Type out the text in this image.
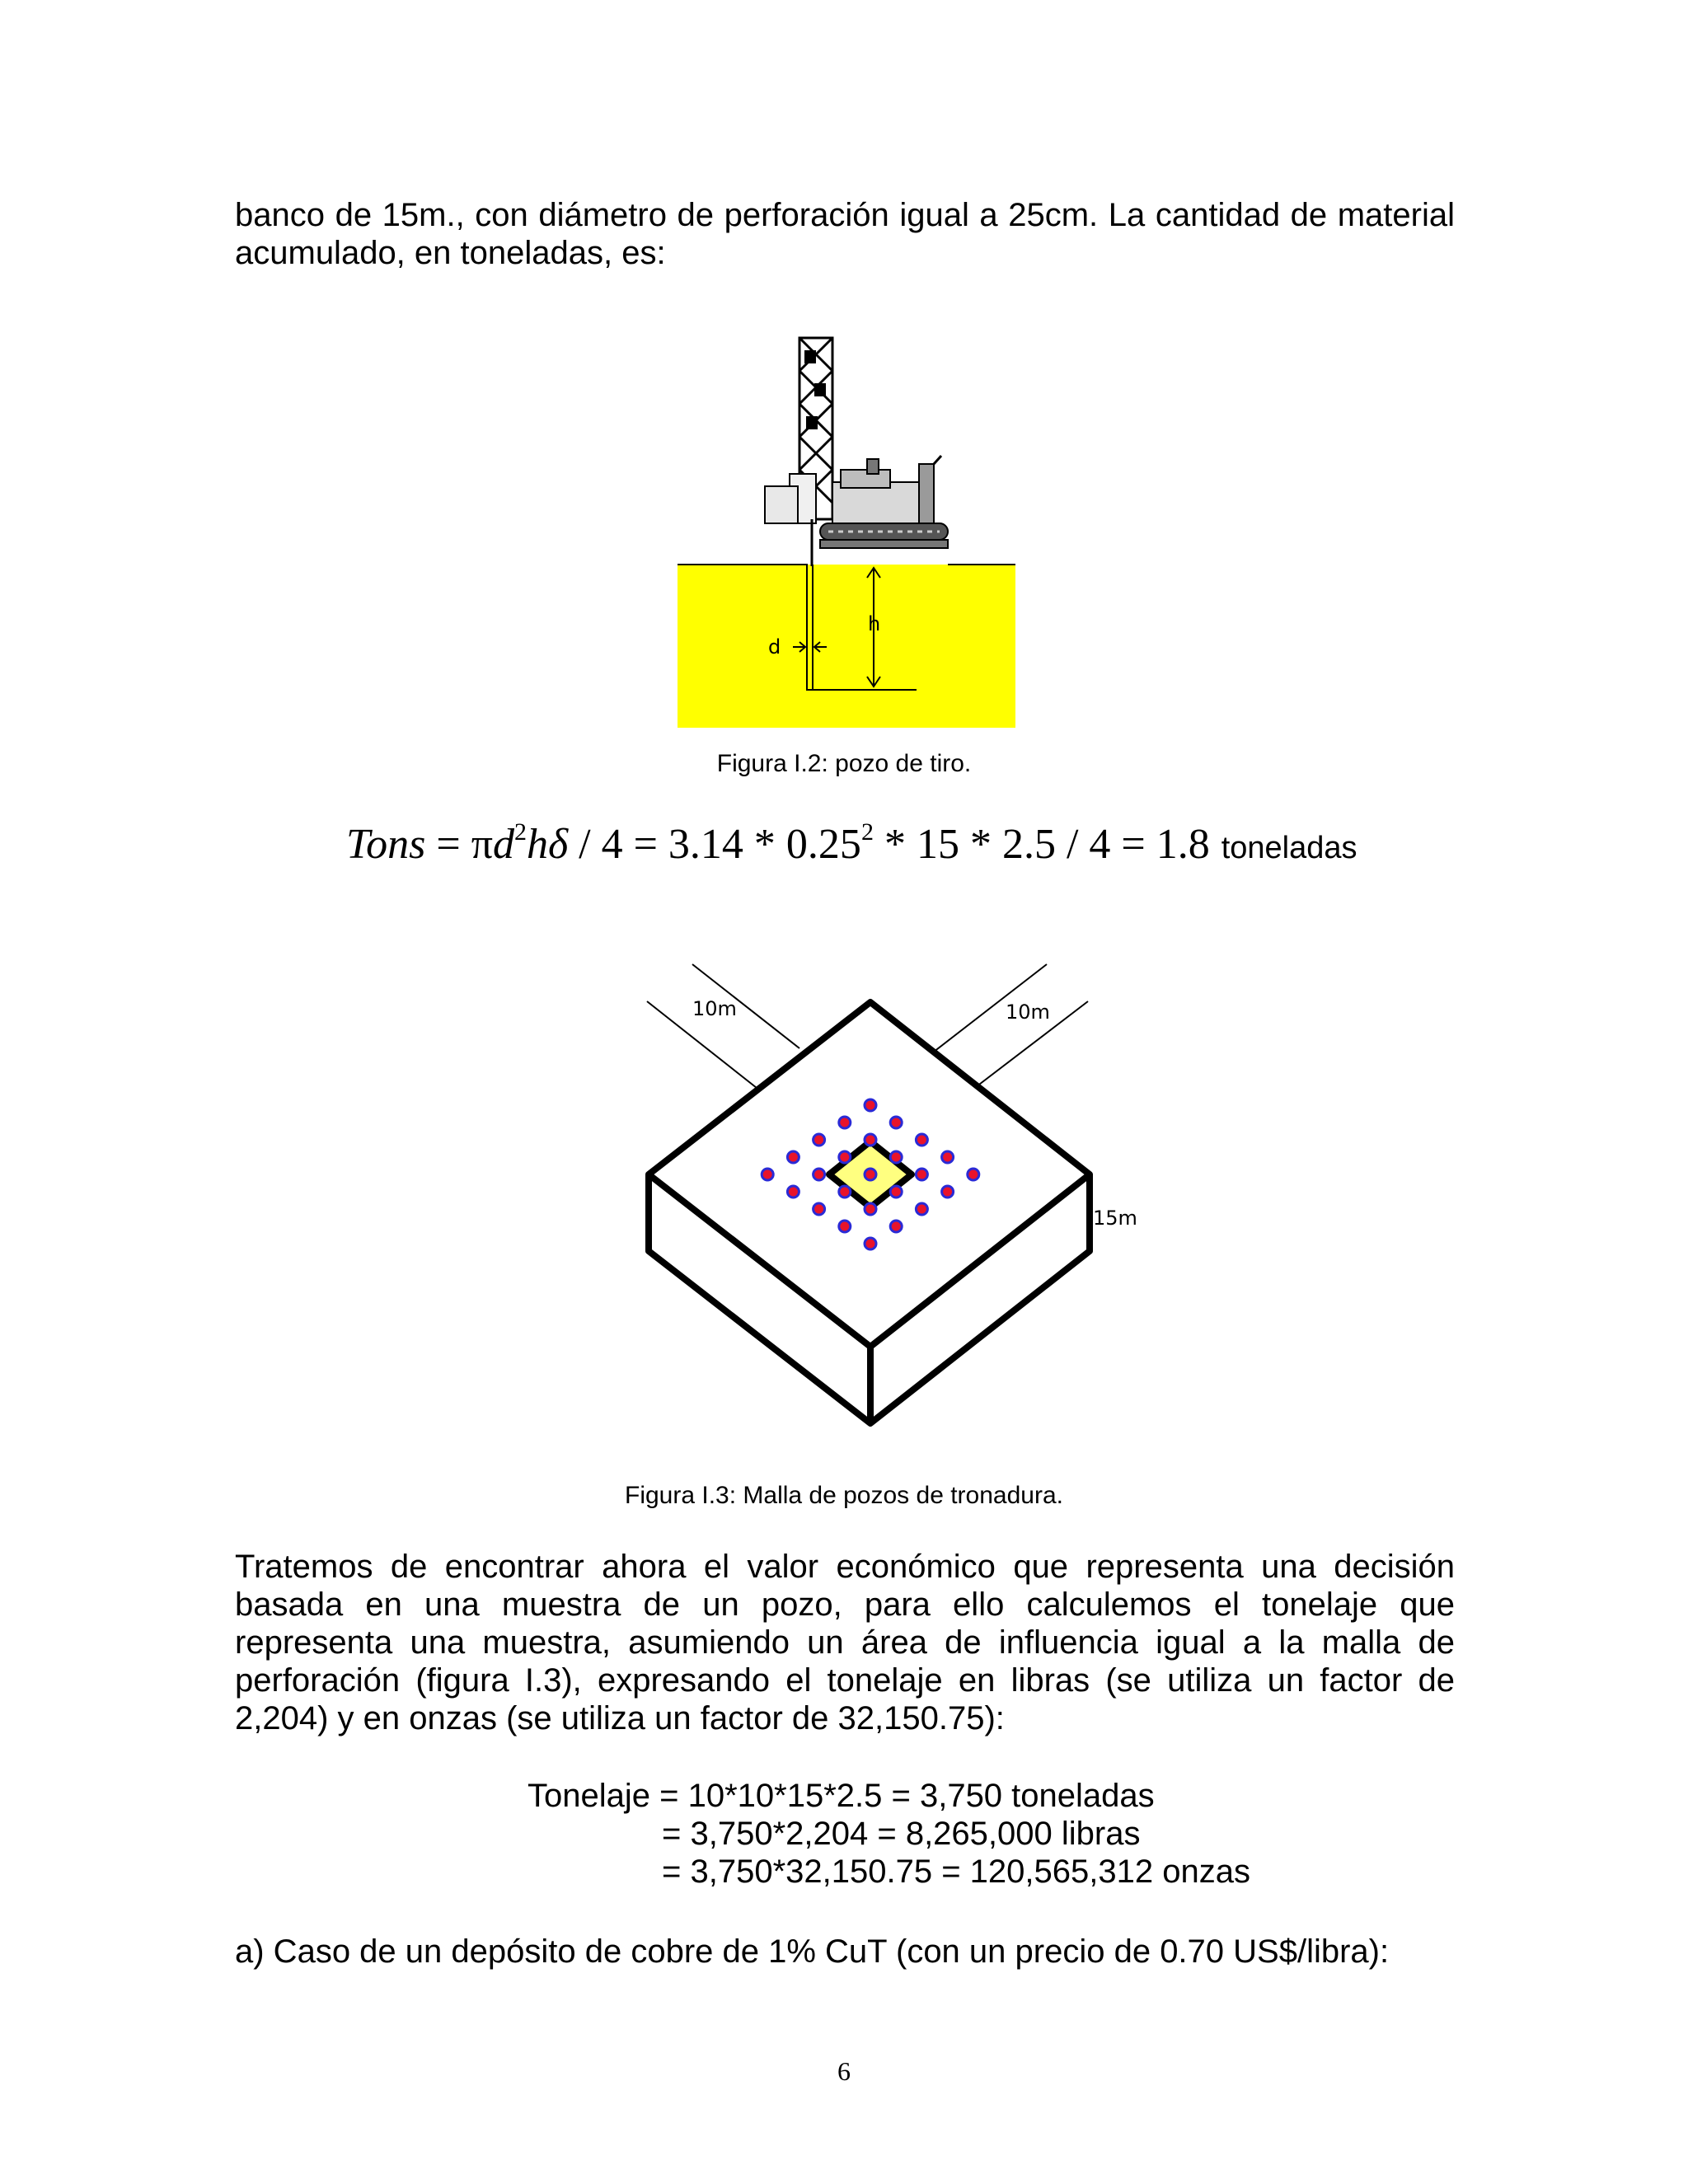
banco de 15m., con diámetro de perforación igual a 25cm. La cantidad de material
acumulado, en toneladas, es:
h
d
Figura I.2: pozo de tiro.
Tons = $\pi d^2h\delta / 4 = 3.14 * 0.25^2 * 15 * 2.5 / 4 = 1.8$ toneladas
10m	10m
15m
Figura I.3: Malla de pozos de tronadura.
Tratemos de encontrar ahora el valor económico que representa una decisión
basada en una muestra de un pozo, para ello calculemos el tonelaje que
representa una muestra, asumiendo un área de influencia igual a la malla de
perforación (figura I.3), expresando el tonelaje en libras (se utiliza un factor de
2,204) y en onzas (se utiliza un factor de 32,150.75):
Tonelaje = 10*10*15*2.5 = 3,750 toneladas
= 3,750*2,204 = 8,265,000 libras
= 3,750*32,150.75 = 120,565,312 onzas
a) Caso de un depósito de cobre de 1% CuT (con un precio de 0.70 US$/libra):
6
